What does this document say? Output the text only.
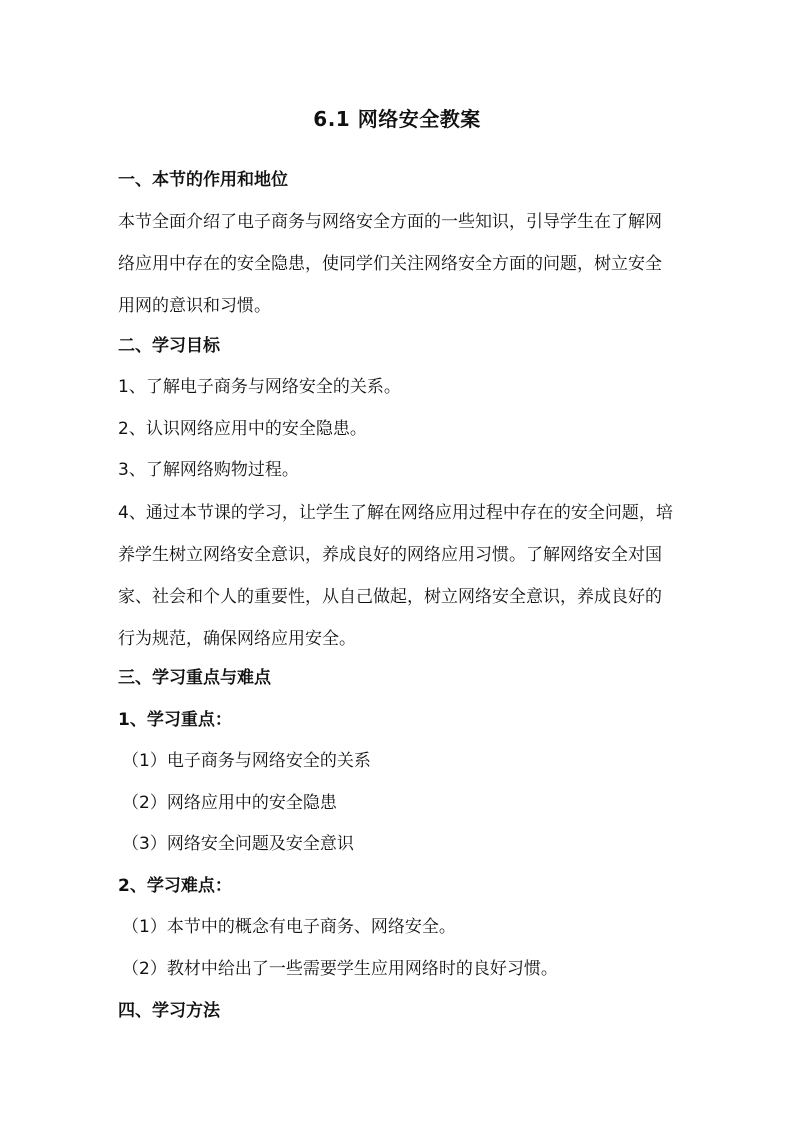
6.1 网络安全教案
一、本节的作用和地位
本节全面介绍了电子商务与网络安全方面的一些知识，引导学生在了解网络应用中存在的安全隐患，使同学们关注网络安全方面的问题，树立安全用网的意识和习惯。
二、学习目标
1、了解电子商务与网络安全的关系。
2、认识网络应用中的安全隐患。
3、了解网络购物过程。
4、通过本节课的学习，让学生了解在网络应用过程中存在的安全问题，培养学生树立网络安全意识，养成良好的网络应用习惯。了解网络安全对国家、社会和个人的重要性，从自己做起，树立网络安全意识，养成良好的行为规范，确保网络应用安全。
三、学习重点与难点
1、学习重点：
（1）电子商务与网络安全的关系
（2）网络应用中的安全隐患
（3）网络安全问题及安全意识
2、学习难点：
（1）本节中的概念有电子商务、网络安全。
（2）教材中给出了一些需要学生应用网络时的良好习惯。
四、学习方法
